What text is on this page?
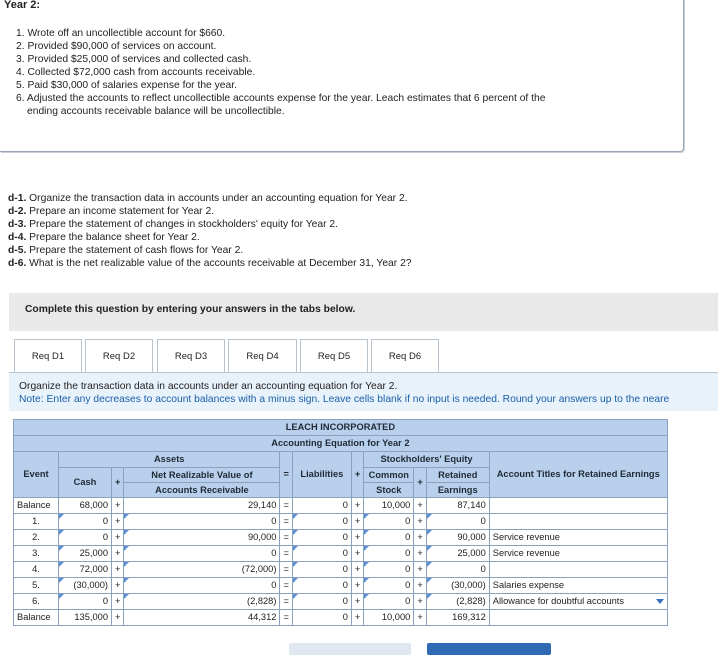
Year 2:
1. Wrote off an uncollectible account for $660.
2. Provided $90,000 of services on account.
3. Provided $25,000 of services and collected cash.
4. Collected $72,000 cash from accounts receivable.
5. Paid $30,000 of salaries expense for the year.
6. Adjusted the accounts to reflect uncollectible accounts expense for the year. Leach estimates that 6 percent of the
ending accounts receivable balance will be uncollectible.
d-1. Organize the transaction data in accounts under an accounting equation for Year 2.
d-2. Prepare an income statement for Year 2.
d-3. Prepare the statement of changes in stockholders' equity for Year 2.
d-4. Prepare the balance sheet for Year 2.
d-5. Prepare the statement of cash flows for Year 2.
d-6. What is the net realizable value of the accounts receivable at December 31, Year 2?
Complete this question by entering your answers in the tabs below.
Req D1	Req D2	Req D3	Req D4	Req D5	Req D6
Organize the transaction data in accounts under an accounting equation for Year 2.
Note: Enter any decreases to account balances with a minus sign. Leave cells blank if no input is needed. Round your answers up to the neare
LEACH INCORPORATED										
Accounting Equation for Year 2										
Event	Assets			=	Liabilities	+	Stockholders' Equity			Account Titles for Retained Earnings
	Cash	+	Net Realizable Value of				Common	+	Retained	
			Accounts Receivable				Stock		Earnings	
Balance	68,000	+	29,140	=	0	+	10,000	+	87,140	
1.	0	+	0	=	0	+	0	+	0	
2.	0	+	90,000	=	0	+	0	+	90,000	Service revenue
3.	25,000	+	0	=	0	+	0	+	25,000	Service revenue
4.	72,000	+	(72,000)	=	0	+	0	+	0	
5.	(30,000)	+	0	=	0	+	0	+	(30,000)	Salaries expense
6.	0	+	(2,828)	=	0	+	0	+	(2,828)	Allowance for doubtful accounts

Balance	135,000	+	44,312	=	0	+	10,000	+	169,312	
